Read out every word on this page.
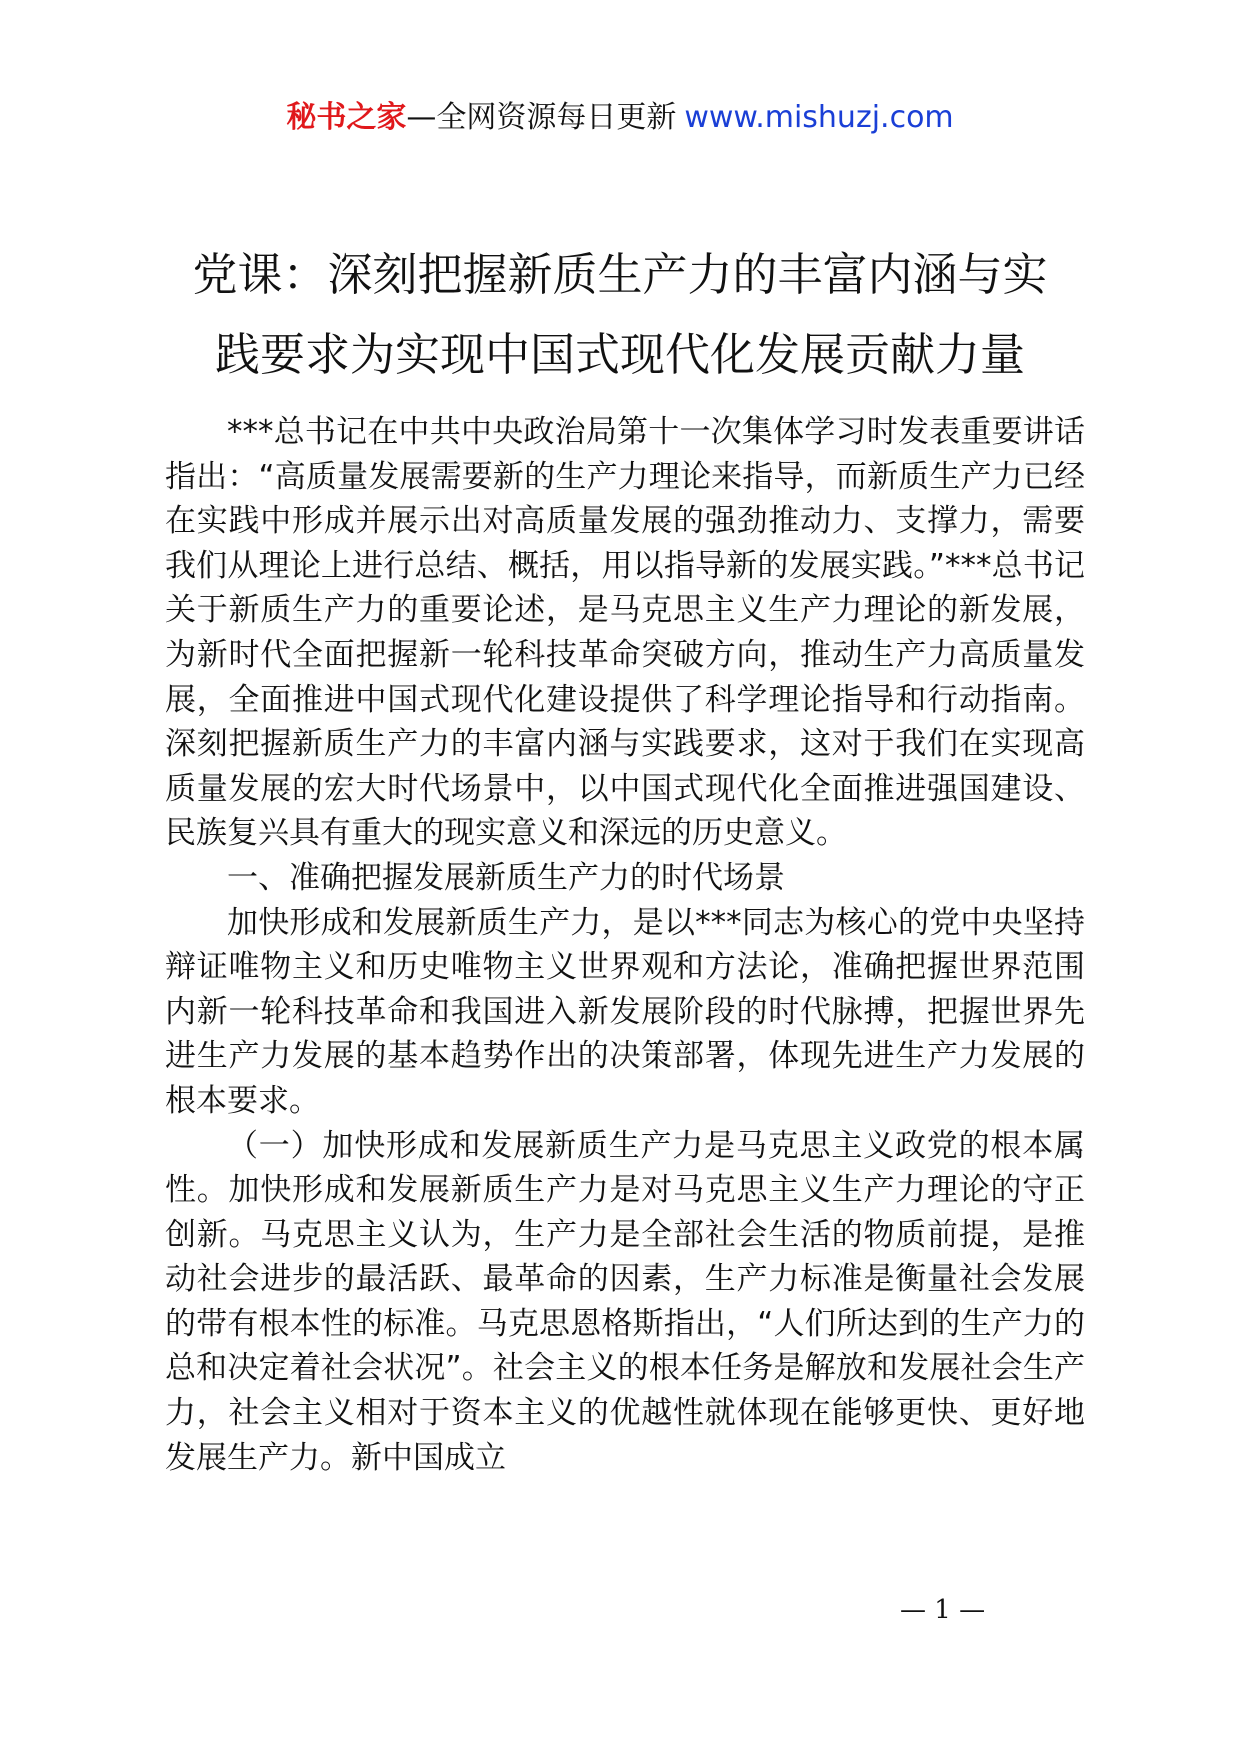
秘书之家—全网资源每日更新 www.mishuzj.com
党课：深刻把握新质生产力的丰富内涵与实
践要求为实现中国式现代化发展贡献力量

***总书记在中共中央政治局第十一次集体学习时发表重要讲话指出：“高质量发展需要新的生产力理论来指导，而新质生产力已经在实践中形成并展示出对高质量发展的强劲推动力、支撑力，需要我们从理论上进行总结、概括，用以指导新的发展实践。”***总书记关于新质生产力的重要论述，是马克思主义生产力理论的新发展，为新时代全面把握新一轮科技革命突破方向，推动生产力高质量发展，全面推进中国式现代化建设提供了科学理论指导和行动指南。深刻把握新质生产力的丰富内涵与实践要求，这对于我们在实现高质量发展的宏大时代场景中，以中国式现代化全面推进强国建设、民族复兴具有重大的现实意义和深远的历史意义。

一、准确把握发展新质生产力的时代场景

加快形成和发展新质生产力，是以***同志为核心的党中央坚持辩证唯物主义和历史唯物主义世界观和方法论，准确把握世界范围内新一轮科技革命和我国进入新发展阶段的时代脉搏，把握世界先进生产力发展的基本趋势作出的决策部署，体现先进生产力发展的根本要求。

（一）加快形成和发展新质生产力是马克思主义政党的根本属性。加快形成和发展新质生产力是对马克思主义生产力理论的守正创新。马克思主义认为，生产力是全部社会生活的物质前提，是推动社会进步的最活跃、最革命的因素，生产力标准是衡量社会发展的带有根本性的标准。马克思恩格斯指出，“人们所达到的生产力的总和决定着社会状况”。社会主义的根本任务是解放和发展社会生产力，社会主义相对于资本主义的优越性就体现在能够更快、更好地发展生产力。新中国成立

— 1 —
